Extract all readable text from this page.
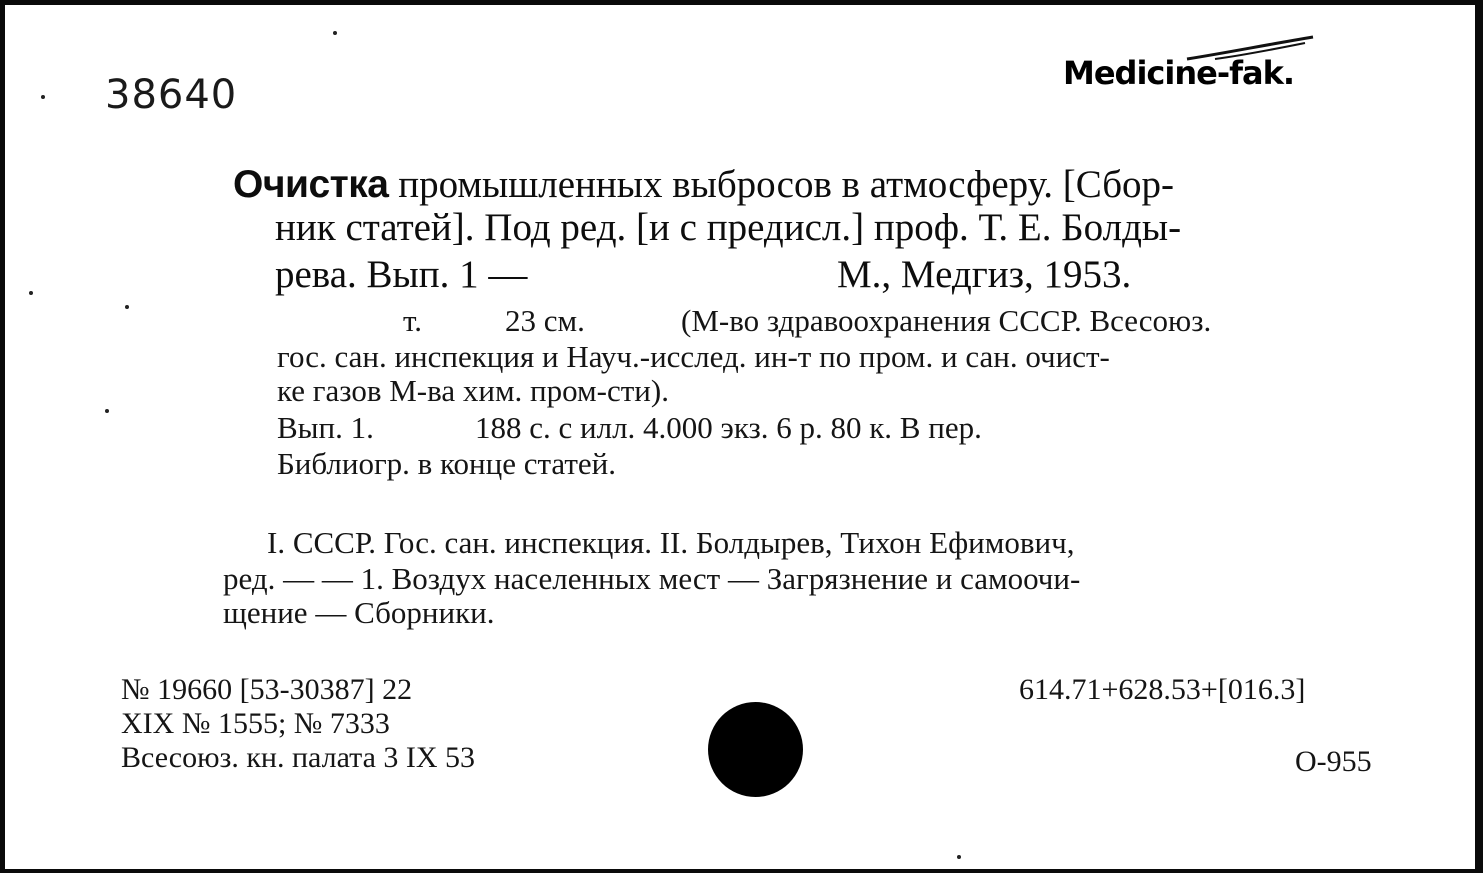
38640	Medicine-fak.
Очистка промышленных выбросов в атмосферу. [Сбор-
ник статей]. Под ред. [и с предисл.] проф. Т. Е. Болды-
рева. Вып. 1 —	М., Медгиз, 1953.
т.	23 см.	(М-во здравоохранения СССР. Всесоюз.
гос. сан. инспекция и Науч.-исслед. ин-т по пром. и сан. очист-
ке газов М-ва хим. пром-сти).
Вып. 1.	188 с. с илл. 4.000 экз. 6 р. 80 к. В пер.
Библиогр. в конце статей.
I. СССР. Гос. сан. инспекция. II. Болдырев, Тихон Ефимович,
ред. — — 1. Воздух населенных мест — Загрязнение и самоочи-
щение — Сборники.
№ 19660 [53-30387] 22
XIX № 1555; № 7333
Всесоюз. кн. палата 3 IX 53
614.71+628.53+[016.3]
О-955
